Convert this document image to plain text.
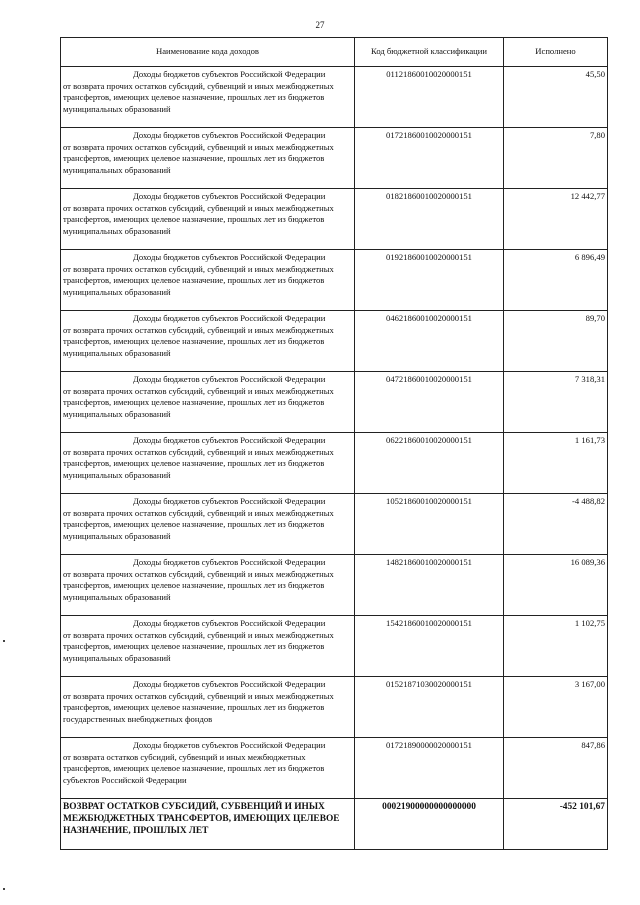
27
Наименование кода доходов	Код бюджетной классификации	Исполнено

Доходы бюджетов субъектов Российской Федерации
от возврата прочих остатков субсидий, субвенций и иных межбюджетных трансфертов, имеющих целевое назначение, прошлых лет из бюджетов муниципальных образований	01121860010020000151	45,50

Доходы бюджетов субъектов Российской Федерации
от возврата прочих остатков субсидий, субвенций и иных межбюджетных трансфертов, имеющих целевое назначение, прошлых лет из бюджетов муниципальных образований	01721860010020000151	7,80

Доходы бюджетов субъектов Российской Федерации
от возврата прочих остатков субсидий, субвенций и иных межбюджетных трансфертов, имеющих целевое назначение, прошлых лет из бюджетов муниципальных образований	01821860010020000151	12 442,77

Доходы бюджетов субъектов Российской Федерации
от возврата прочих остатков субсидий, субвенций и иных межбюджетных трансфертов, имеющих целевое назначение, прошлых лет из бюджетов муниципальных образований	01921860010020000151	6 896,49

Доходы бюджетов субъектов Российской Федерации
от возврата прочих остатков субсидий, субвенций и иных межбюджетных трансфертов, имеющих целевое назначение, прошлых лет из бюджетов муниципальных образований	04621860010020000151	89,70

Доходы бюджетов субъектов Российской Федерации
от возврата прочих остатков субсидий, субвенций и иных межбюджетных трансфертов, имеющих целевое назначение, прошлых лет из бюджетов муниципальных образований	04721860010020000151	7 318,31

Доходы бюджетов субъектов Российской Федерации
от возврата прочих остатков субсидий, субвенций и иных межбюджетных трансфертов, имеющих целевое назначение, прошлых лет из бюджетов муниципальных образований	06221860010020000151	1 161,73

Доходы бюджетов субъектов Российской Федерации
от возврата прочих остатков субсидий, субвенций и иных межбюджетных трансфертов, имеющих целевое назначение, прошлых лет из бюджетов муниципальных образований	10521860010020000151	-4 488,82

Доходы бюджетов субъектов Российской Федерации
от возврата прочих остатков субсидий, субвенций и иных межбюджетных трансфертов, имеющих целевое назначение, прошлых лет из бюджетов муниципальных образований	14821860010020000151	16 089,36

Доходы бюджетов субъектов Российской Федерации
от возврата прочих остатков субсидий, субвенций и иных межбюджетных трансфертов, имеющих целевое назначение, прошлых лет из бюджетов муниципальных образований	15421860010020000151	1 102,75

Доходы бюджетов субъектов Российской Федерации
от возврата прочих остатков субсидий, субвенций и иных межбюджетных трансфертов, имеющих целевое назначение, прошлых лет из бюджетов государственных внебюджетных фондов	01521871030020000151	3 167,00

Доходы бюджетов субъектов Российской Федерации
от возврата остатков субсидий, субвенций и иных межбюджетных трансфертов, имеющих целевое назначение, прошлых лет из бюджетов субъектов Российской Федерации	01721890000020000151	847,86
ВОЗВРАТ ОСТАТКОВ СУБСИДИЙ, СУБВЕНЦИЙ И ИНЫХ МЕЖБЮДЖЕТНЫХ ТРАНСФЕРТОВ, ИМЕЮЩИХ ЦЕЛЕВОЕ НАЗНАЧЕНИЕ, ПРОШЛЫХ ЛЕТ	00021900000000000000	-452 101,67
